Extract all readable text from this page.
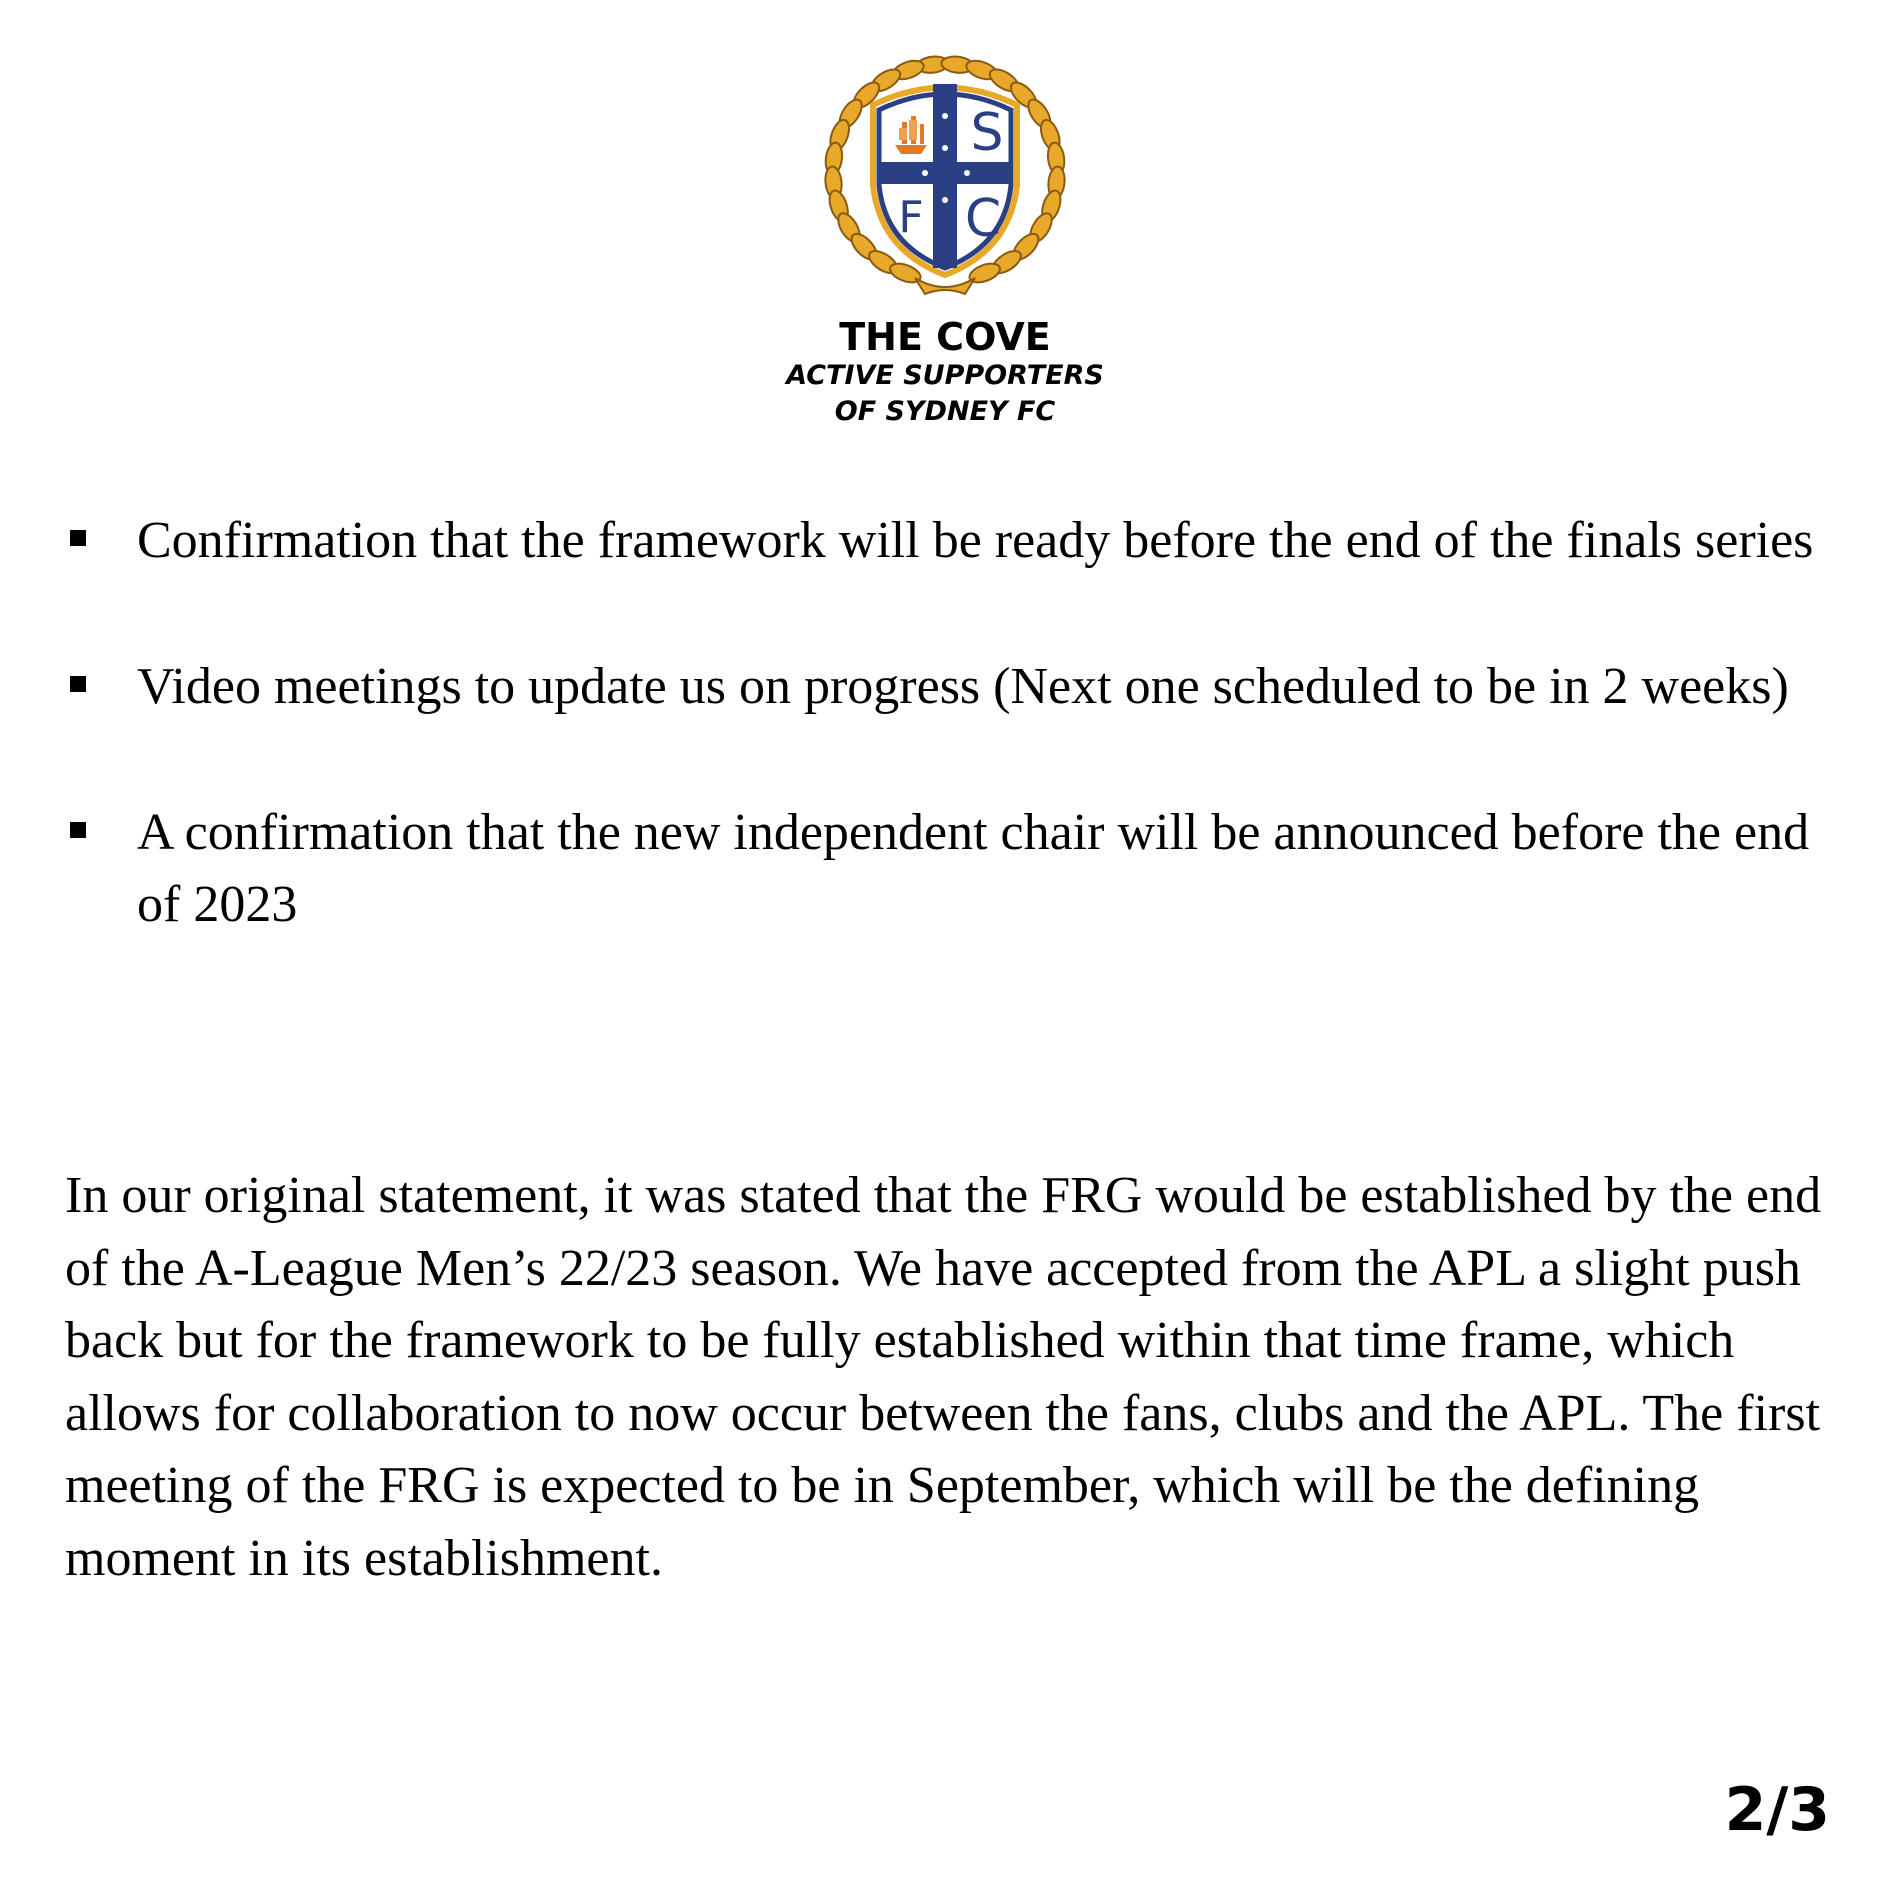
S
F C
THE COVE
ACTIVE SUPPORTERS
OF SYDNEY FC
Confirmation that the framework will be ready before the end of the finals series
Video meetings to update us on progress (Next one scheduled to be in 2 weeks)
A confirmation that the new independent chair will be announced before the end of 2023

In our original statement, it was stated that the FRG would be established by the end of the A-League Men’s 22/23 season. We have accepted from the APL a slight push back but for the framework to be fully established within that time frame, which allows for collaboration to now occur between the fans, clubs and the APL. The first meeting of the FRG is expected to be in September, which will be the defining moment in its establishment.

2/3
